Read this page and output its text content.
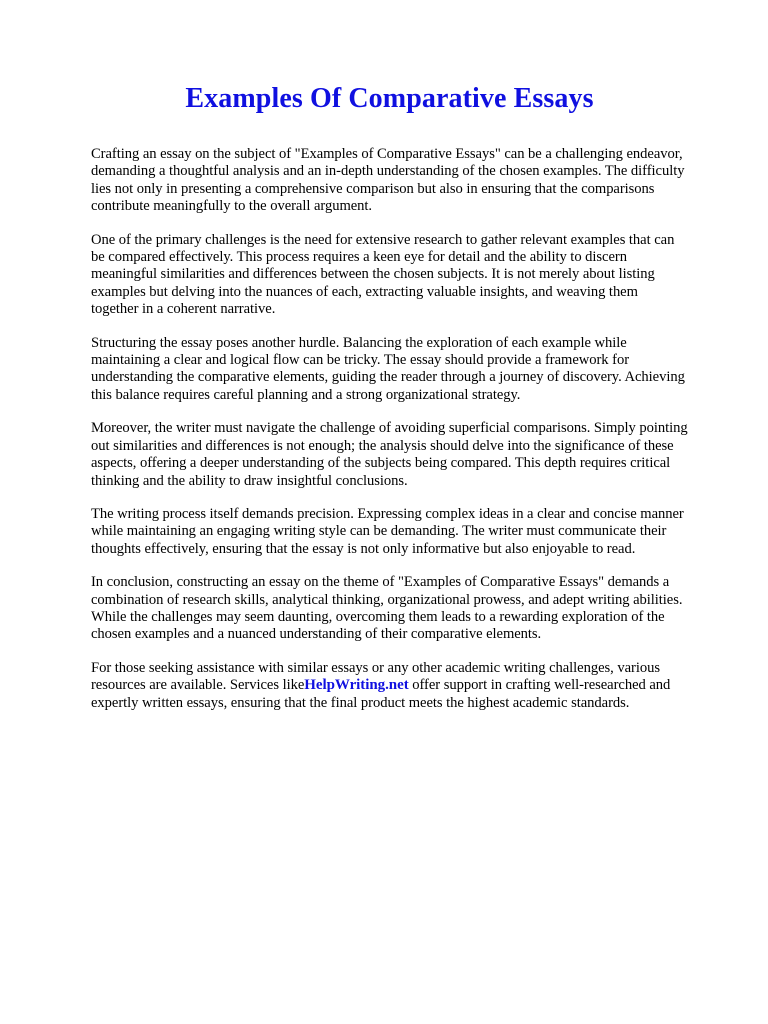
Examples Of Comparative Essays

Crafting an essay on the subject of "Examples of Comparative Essays" can be a challenging endeavor, demanding a thoughtful analysis and an in-depth understanding of the chosen examples. The difficulty lies not only in presenting a comprehensive comparison but also in ensuring that the comparisons contribute meaningfully to the overall argument.

One of the primary challenges is the need for extensive research to gather relevant examples that can be compared effectively. This process requires a keen eye for detail and the ability to discern meaningful similarities and differences between the chosen subjects. It is not merely about listing examples but delving into the nuances of each, extracting valuable insights, and weaving them together in a coherent narrative.

Structuring the essay poses another hurdle. Balancing the exploration of each example while maintaining a clear and logical flow can be tricky. The essay should provide a framework for understanding the comparative elements, guiding the reader through a journey of discovery. Achieving this balance requires careful planning and a strong organizational strategy.

Moreover, the writer must navigate the challenge of avoiding superficial comparisons. Simply pointing out similarities and differences is not enough; the analysis should delve into the significance of these aspects, offering a deeper understanding of the subjects being compared. This depth requires critical thinking and the ability to draw insightful conclusions.

The writing process itself demands precision. Expressing complex ideas in a clear and concise manner while maintaining an engaging writing style can be demanding. The writer must communicate their thoughts effectively, ensuring that the essay is not only informative but also enjoyable to read.

In conclusion, constructing an essay on the theme of "Examples of Comparative Essays" demands a combination of research skills, analytical thinking, organizational prowess, and adept writing abilities. While the challenges may seem daunting, overcoming them leads to a rewarding exploration of the chosen examples and a nuanced understanding of their comparative elements.

For those seeking assistance with similar essays or any other academic writing challenges, various resources are available. Services likeHelpWriting.net offer support in crafting well-researched and expertly written essays, ensuring that the final product meets the highest academic standards.
